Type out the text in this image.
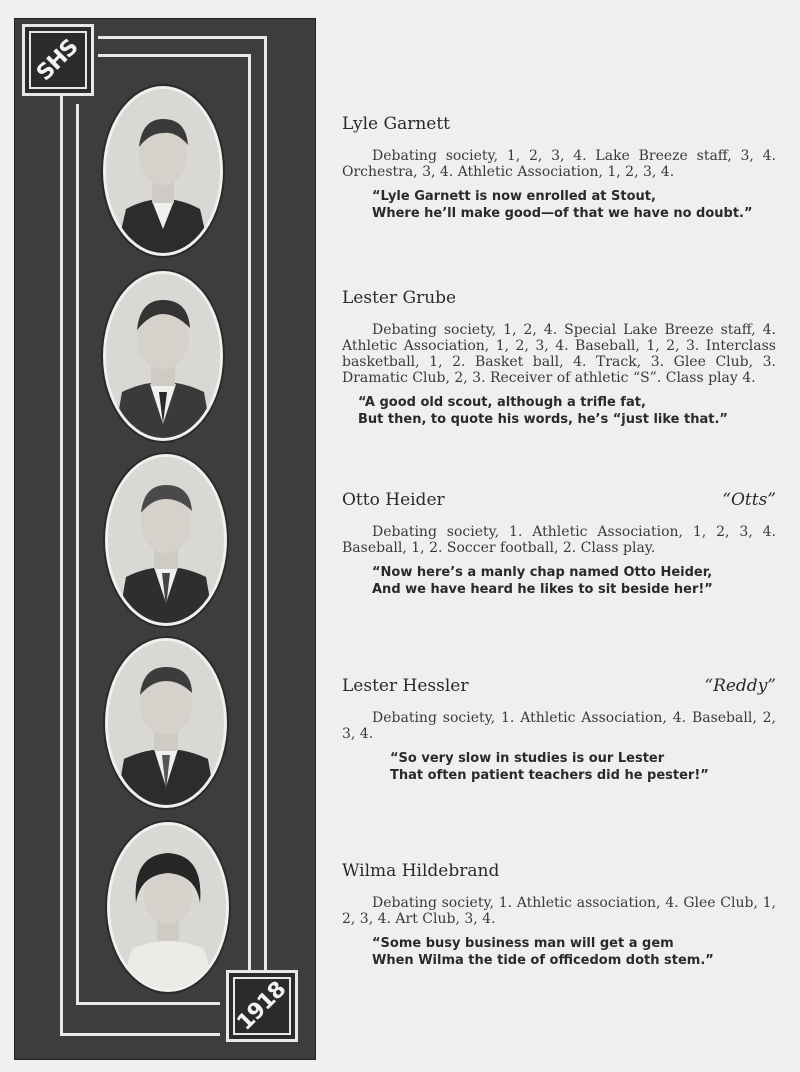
SHS
1918
Lyle Garnett
Debating society, 1, 2, 3, 4. Lake Breeze staff, 3, 4. Orchestra, 3, 4. Athletic Association, 1, 2, 3, 4.
“Lyle Garnett is now enrolled at Stout,
Where he’ll make good—of that we have no doubt.”
Lester Grube
Debating society, 1, 2, 4. Special Lake Breeze staff, 4. Athletic Association, 1, 2, 3, 4. Baseball, 1, 2, 3. Interclass basketball, 1, 2. Basket ball, 4. Track, 3. Glee Club, 3. Dramatic Club, 2, 3. Receiver of athletic “S”. Class play 4.
“A good old scout, although a trifle fat,
But then, to quote his words, he’s “just like that.”
Otto Heider	“Otts”
Debating society, 1. Athletic Association, 1, 2, 3, 4. Baseball, 1, 2. Soccer football, 2. Class play.
“Now here’s a manly chap named Otto Heider,
And we have heard he likes to sit beside her!”
Lester Hessler	“Reddy”
Debating society, 1. Athletic Association, 4. Baseball, 2, 3, 4.
“So very slow in studies is our Lester
That often patient teachers did he pester!”
Wilma Hildebrand
Debating society, 1. Athletic association, 4. Glee Club, 1, 2, 3, 4. Art Club, 3, 4.
“Some busy business man will get a gem
When Wilma the tide of officedom doth stem.”
